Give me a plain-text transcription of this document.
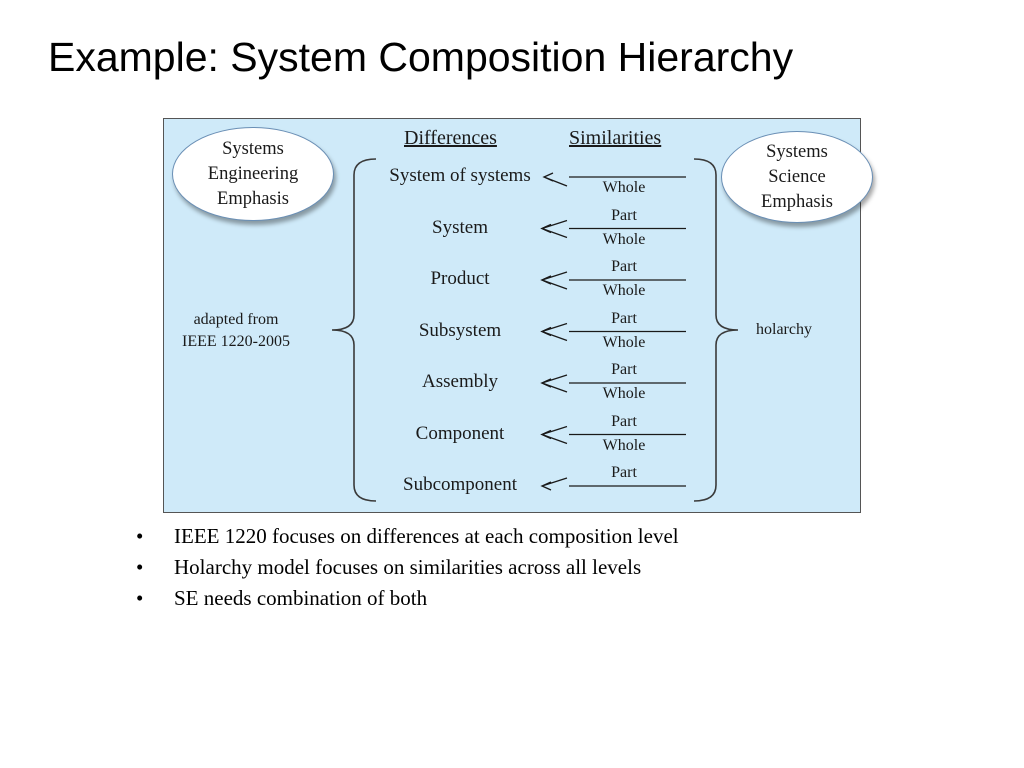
Example: System Composition Hierarchy
Systems
Engineering
Emphasis
Systems
Science
Emphasis
Differences	Similarities
adapted from
IEEE 1220-2005
holarchy
System of systems
Whole
System
Part
Whole
Product
Part
Whole
Subsystem
Part
Whole
Assembly
Part
Whole
Component
Part
Whole
Subcomponent
Part
• IEEE 1220 focuses on differences at each composition level
• Holarchy model focuses on similarities across all levels
• SE needs combination of both
